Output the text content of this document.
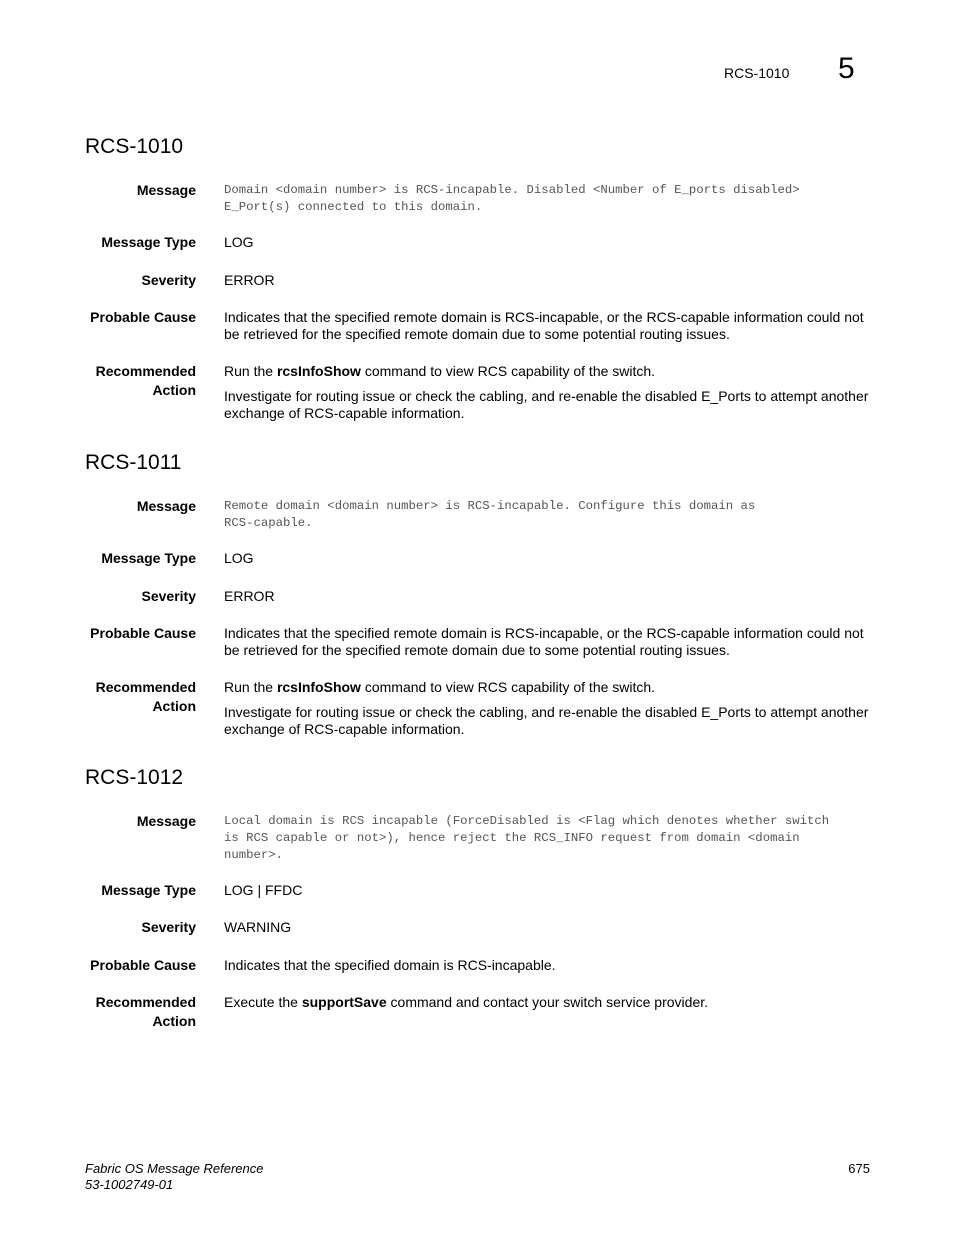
RCS-1010 5
RCS-1010
Message Domain <domain number> is RCS-incapable. Disabled <Number of E_ports disabled>
E_Port(s) connected to this domain.
Message Type LOG
Severity ERROR
Probable Cause Indicates that the specified remote domain is RCS-incapable, or the RCS-capable information could not be retrieved for the specified remote domain due to some potential routing issues.
Recommended
Action

Run the rcsInfoShow command to view RCS capability of the switch.

Investigate for routing issue or check the cabling, and re-enable the disabled E_Ports to attempt another exchange of RCS-capable information.

RCS-1011
Message Remote domain <domain number> is RCS-incapable. Configure this domain as
RCS-capable.
Message Type LOG
Severity ERROR
Probable Cause Indicates that the specified remote domain is RCS-incapable, or the RCS-capable information could not be retrieved for the specified remote domain due to some potential routing issues.
Recommended
Action

Run the rcsInfoShow command to view RCS capability of the switch.

Investigate for routing issue or check the cabling, and re-enable the disabled E_Ports to attempt another exchange of RCS-capable information.

RCS-1012
Message Local domain is RCS incapable (ForceDisabled is <Flag which denotes whether switch
is RCS capable or not>), hence reject the RCS_INFO request from domain <domain
number>.
Message Type LOG | FFDC
Severity WARNING
Probable Cause Indicates that the specified domain is RCS-incapable.
Recommended
Action

Execute the supportSave command and contact your switch service provider.

Fabric OS Message Reference
53-1002749-01
675
